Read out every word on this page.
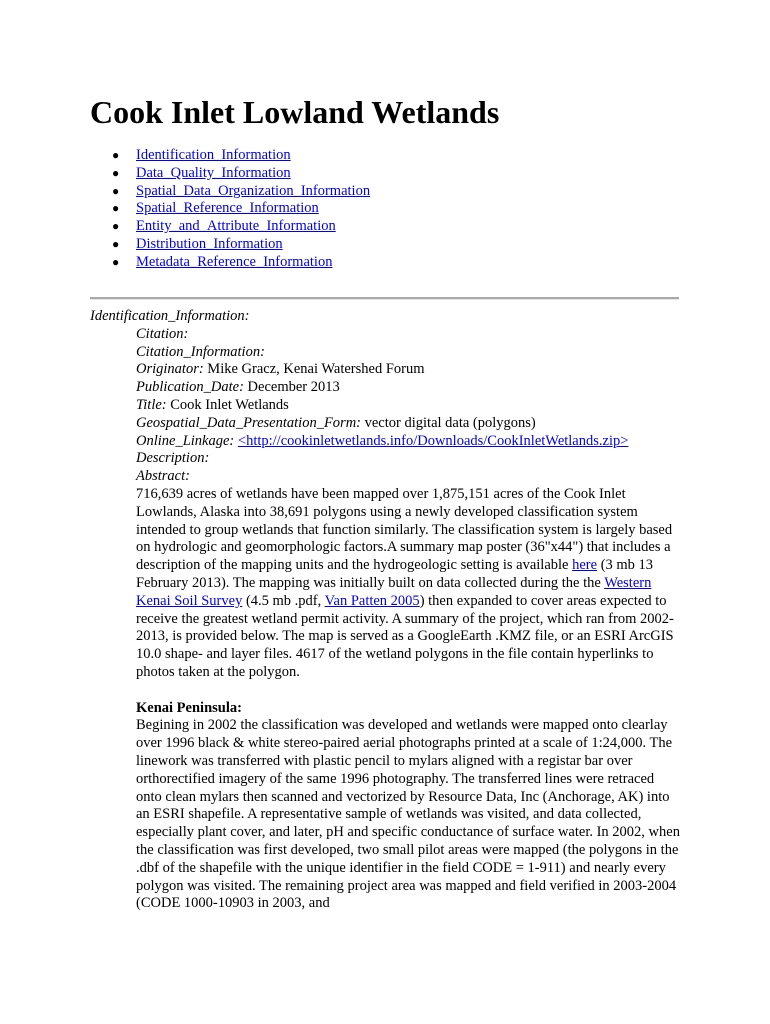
Cook Inlet Lowland Wetlands
● Identification_Information
● Data_Quality_Information
● Spatial_Data_Organization_Information
● Spatial_Reference_Information
● Entity_and_Attribute_Information
● Distribution_Information
● Metadata_Reference_Information
Identification_Information:
Citation:
Citation_Information:
Originator: Mike Gracz, Kenai Watershed Forum
Publication_Date: December 2013
Title: Cook Inlet Wetlands
Geospatial_Data_Presentation_Form: vector digital data (polygons)
Online_Linkage: <http://cookinletwetlands.info/Downloads/CookInletWetlands.zip>
Description:
Abstract:
716,639 acres of wetlands have been mapped over 1,875,151 acres of the Cook Inlet Lowlands, Alaska into 38,691 polygons using a newly developed classification system intended to group wetlands that function similarly. The classification system is largely based on hydrologic and geomorphologic factors.A summary map poster (36"x44") that includes a description of the mapping units and the hydrogeologic setting is available here (3 mb 13 February 2013). The mapping was initially built on data collected during the the Western Kenai Soil Survey (4.5 mb .pdf, Van Patten 2005) then expanded to cover areas expected to receive the greatest wetland permit activity. A summary of the project, which ran from 2002-2013, is provided below. The map is served as a GoogleEarth .KMZ file, or an ESRI ArcGIS 10.0 shape- and layer files. 4617 of the wetland polygons in the file contain hyperlinks to photos taken at the polygon.
Kenai Peninsula:
Begining in 2002 the classification was developed and wetlands were mapped onto clearlay over 1996 black & white stereo-paired aerial photographs printed at a scale of 1:24,000. The linework was transferred with plastic pencil to mylars aligned with a registar bar over orthorectified imagery of the same 1996 photography. The transferred lines were retraced onto clean mylars then scanned and vectorized by Resource Data, Inc (Anchorage, AK) into an ESRI shapefile. A representative sample of wetlands was visited, and data collected, especially plant cover, and later, pH and specific conductance of surface water. In 2002, when the classification was first developed, two small pilot areas were mapped (the polygons in the .dbf of the shapefile with the unique identifier in the field CODE = 1-911) and nearly every polygon was visited. The remaining project area was mapped and field verified in 2003-2004 (CODE 1000-10903 in 2003, and
